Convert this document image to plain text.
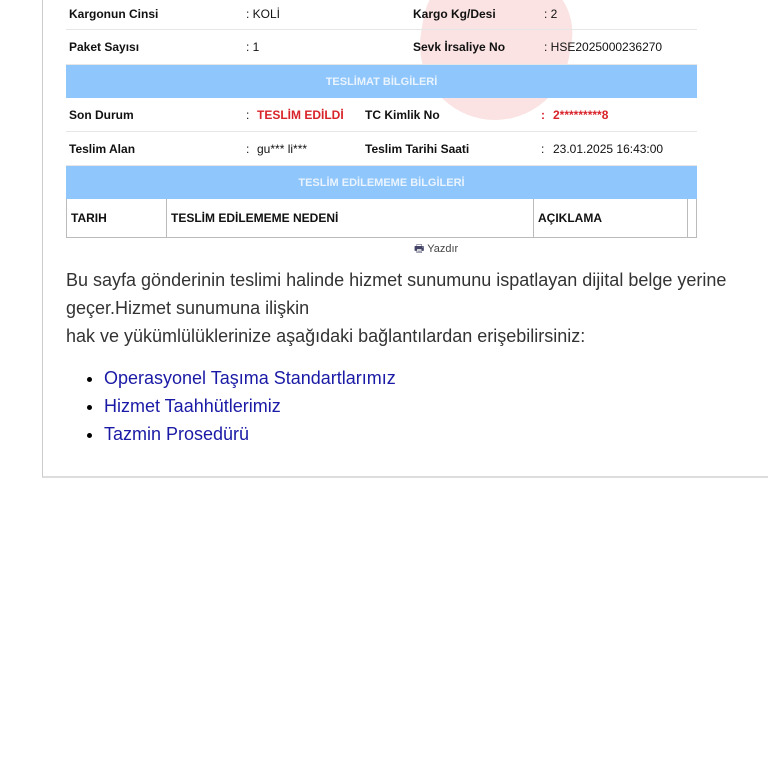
Kargonun Cinsi	: KOLİ	Kargo Kg/Desi	: 2
Paket Sayısı	: 1	Sevk İrsaliye No	: HSE2025000236270
TESLİMAT BİLGİLERİ
Son Durum	: TESLİM EDİLDİ TC Kimlik No	: 2*********8
Teslim Alan	: gu*** li***	Teslim Tarihi Saati	: 23.01.2025 16:43:00
TESLİM EDİLEMEME BİLGİLERİ
TARIH	TESLİM EDİLEMEME NEDENİ	AÇIKLAMA
🖶 Yazdır
Bu sayfa gönderinin teslimi halinde hizmet sunumunu ispatlayan dijital belge yerine geçer.Hizmet sunumuna ilişkin
hak ve yükümlülüklerinize aşağıdaki bağlantılardan erişebilirsiniz:
• Operasyonel Taşıma Standartlarımız
• Hizmet Taahhütlerimiz
• Tazmin Prosedürü
